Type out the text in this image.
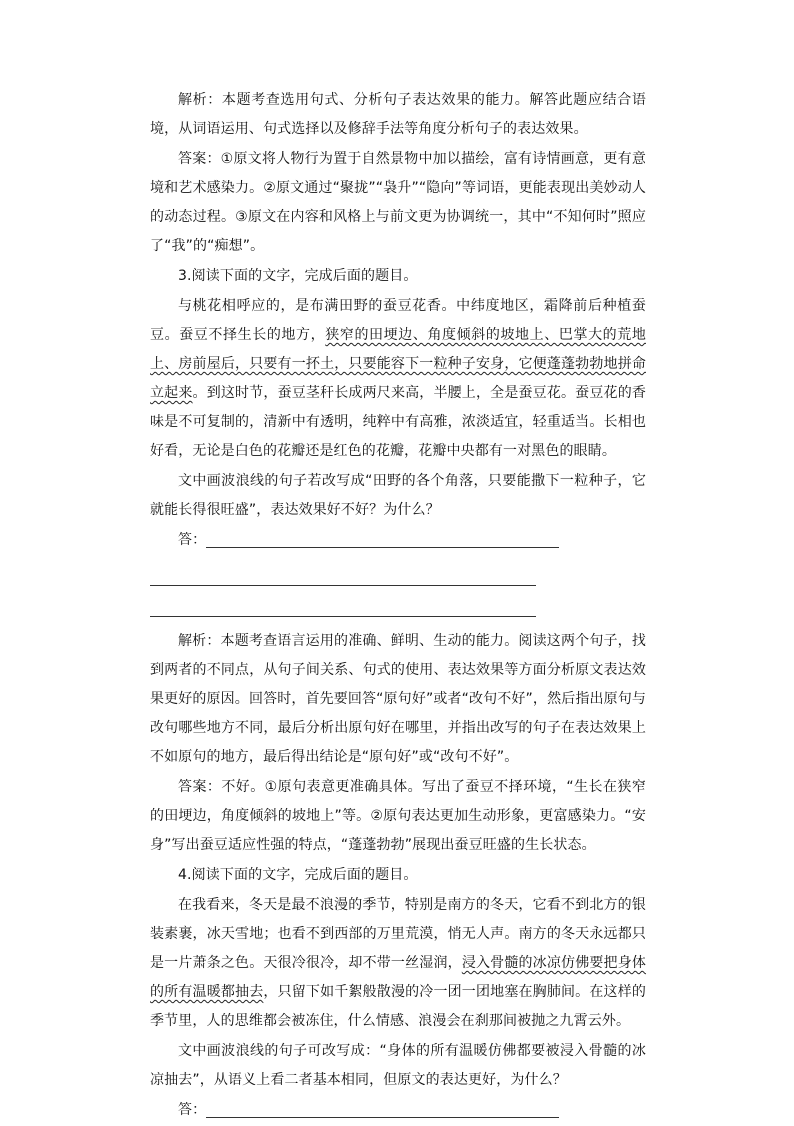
解析：本题考查选用句式、分析句子表达效果的能力。解答此题应结合语境，从词语运用、句式选择以及修辞手法等角度分析句子的表达效果。

答案：①原文将人物行为置于自然景物中加以描绘，富有诗情画意，更有意境和艺术感染力。②原文通过“聚拢”“袅升”“隐向”等词语，更能表现出美妙动人的动态过程。③原文在内容和风格上与前文更为协调统一，其中“不知何时”照应了“我”的“痴想”。

3.阅读下面的文字，完成后面的题目。

与桃花相呼应的，是布满田野的蚕豆花香。中纬度地区，霜降前后种植蚕豆。蚕豆不择生长的地方，狭窄的田埂边、角度倾斜的坡地上、巴掌大的荒地上、房前屋后，只要有一抔土，只要能容下一粒种子安身，它便蓬蓬勃勃地拼命立起来。到这时节，蚕豆茎秆长成两尺来高，半腰上，全是蚕豆花。蚕豆花的香味是不可复制的，清新中有透明，纯粹中有高雅，浓淡适宜，轻重适当。长相也好看，无论是白色的花瓣还是红色的花瓣，花瓣中央都有一对黑色的眼睛。

文中画波浪线的句子若改写成“田野的各个角落，只要能撒下一粒种子，它就能长得很旺盛”，表达效果好不好？为什么？

答：

解析：本题考查语言运用的准确、鲜明、生动的能力。阅读这两个句子，找到两者的不同点，从句子间关系、句式的使用、表达效果等方面分析原文表达效果更好的原因。回答时，首先要回答“原句好”或者“改句不好”，然后指出原句与改句哪些地方不同，最后分析出原句好在哪里，并指出改写的句子在表达效果上不如原句的地方，最后得出结论是“原句好”或“改句不好”。

答案：不好。①原句表意更准确具体。写出了蚕豆不择环境，“生长在狭窄的田埂边，角度倾斜的坡地上”等。②原句表达更加生动形象，更富感染力。“安身”写出蚕豆适应性强的特点，“蓬蓬勃勃”展现出蚕豆旺盛的生长状态。

4.阅读下面的文字，完成后面的题目。

在我看来，冬天是最不浪漫的季节，特别是南方的冬天，它看不到北方的银装素裹，冰天雪地；也看不到西部的万里荒漠，悄无人声。南方的冬天永远都只是一片萧条之色。天很冷很冷，却不带一丝湿润，浸入骨髓的冰凉仿佛要把身体的所有温暖都抽去，只留下如千絮般散漫的冷一团一团地塞在胸肺间。在这样的季节里，人的思维都会被冻住，什么情感、浪漫会在刹那间被抛之九霄云外。

文中画波浪线的句子可改写成：“身体的所有温暖仿佛都要被浸入骨髓的冰凉抽去”，从语义上看二者基本相同，但原文的表达更好，为什么？

答：
